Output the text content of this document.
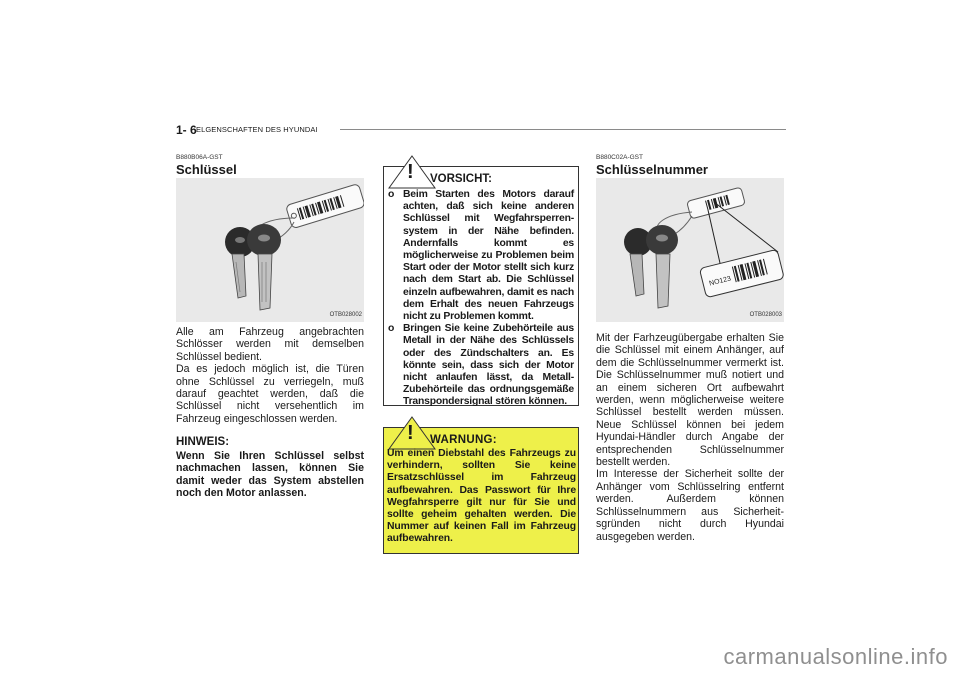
1- 6 ELGENSCHAFTEN DES HYUNDAI
B880B06A-GST
Schlüssel
OTB028002
Alle am Fahrzeug angebrachten Schlösser werden mit demselben Schlüssel bedient.
Da es jedoch möglich ist, die Türen ohne Schlüssel zu verriegeln, muß darauf geachtet werden, daß die Schlüssel nicht versehentlich im Fahrzeug eingeschlossen werden.
HINWEIS:
Wenn Sie Ihren Schlüssel selbst nachmachen lassen, können Sie damit weder das System abstellen noch den Motor anlassen.
! VORSICHT:
o Beim Starten des Motors darauf achten, daß sich keine anderen Schlüssel mit Wegfahrsperren- system in der Nähe befinden. Andernfalls kommt es möglicherweise zu Problemen beim Start oder der Motor stellt sich kurz nach dem Start ab. Die Schlüssel einzeln aufbewahren, damit es nach dem Erhalt des neuen Fahrzeugs nicht zu Problemen kommt.
o Bringen Sie keine Zubehörteile aus Metall in der Nähe des Schlüssels oder des Zündschalters an. Es könnte sein, dass sich der Motor nicht anlaufen lässt, da Metall-Zubehörteile das ordnungsgemäße Transpondersignal stören können.
! WARNUNG:
Um einen Diebstahl des Fahrzeugs zu verhindern, sollten Sie keine Ersatzschlüssel im Fahrzeug aufbewahren. Das Passwort für Ihre Wegfahrsperre gilt nur für Sie und sollte geheim gehalten werden. Die Nummer auf keinen Fall im Fahrzeug aufbewahren.
B880C02A-GST
Schlüsselnummer
NO123
OTB028003
Mit der Farhzeugübergabe erhalten Sie die Schlüssel mit einem Anhänger, auf dem die Schlüsselnummer vermerkt ist. Die Schlüsselnummer muß notiert und an einem sicheren Ort aufbewahrt werden, wenn möglicherweise weitere Schlüssel bestellt werden müssen. Neue Schlüssel können bei jedem Hyundai-Händler durch Angabe der entsprechenden Schlüsselnummer bestellt werden.
Im Interesse der Sicherheit sollte der Anhänger vom Schlüsselring entfernt werden. Außerdem können Schlüsselnummern aus Sicherheit-sgründen nicht durch Hyundai ausgegeben werden.
carmanualsonline.info
